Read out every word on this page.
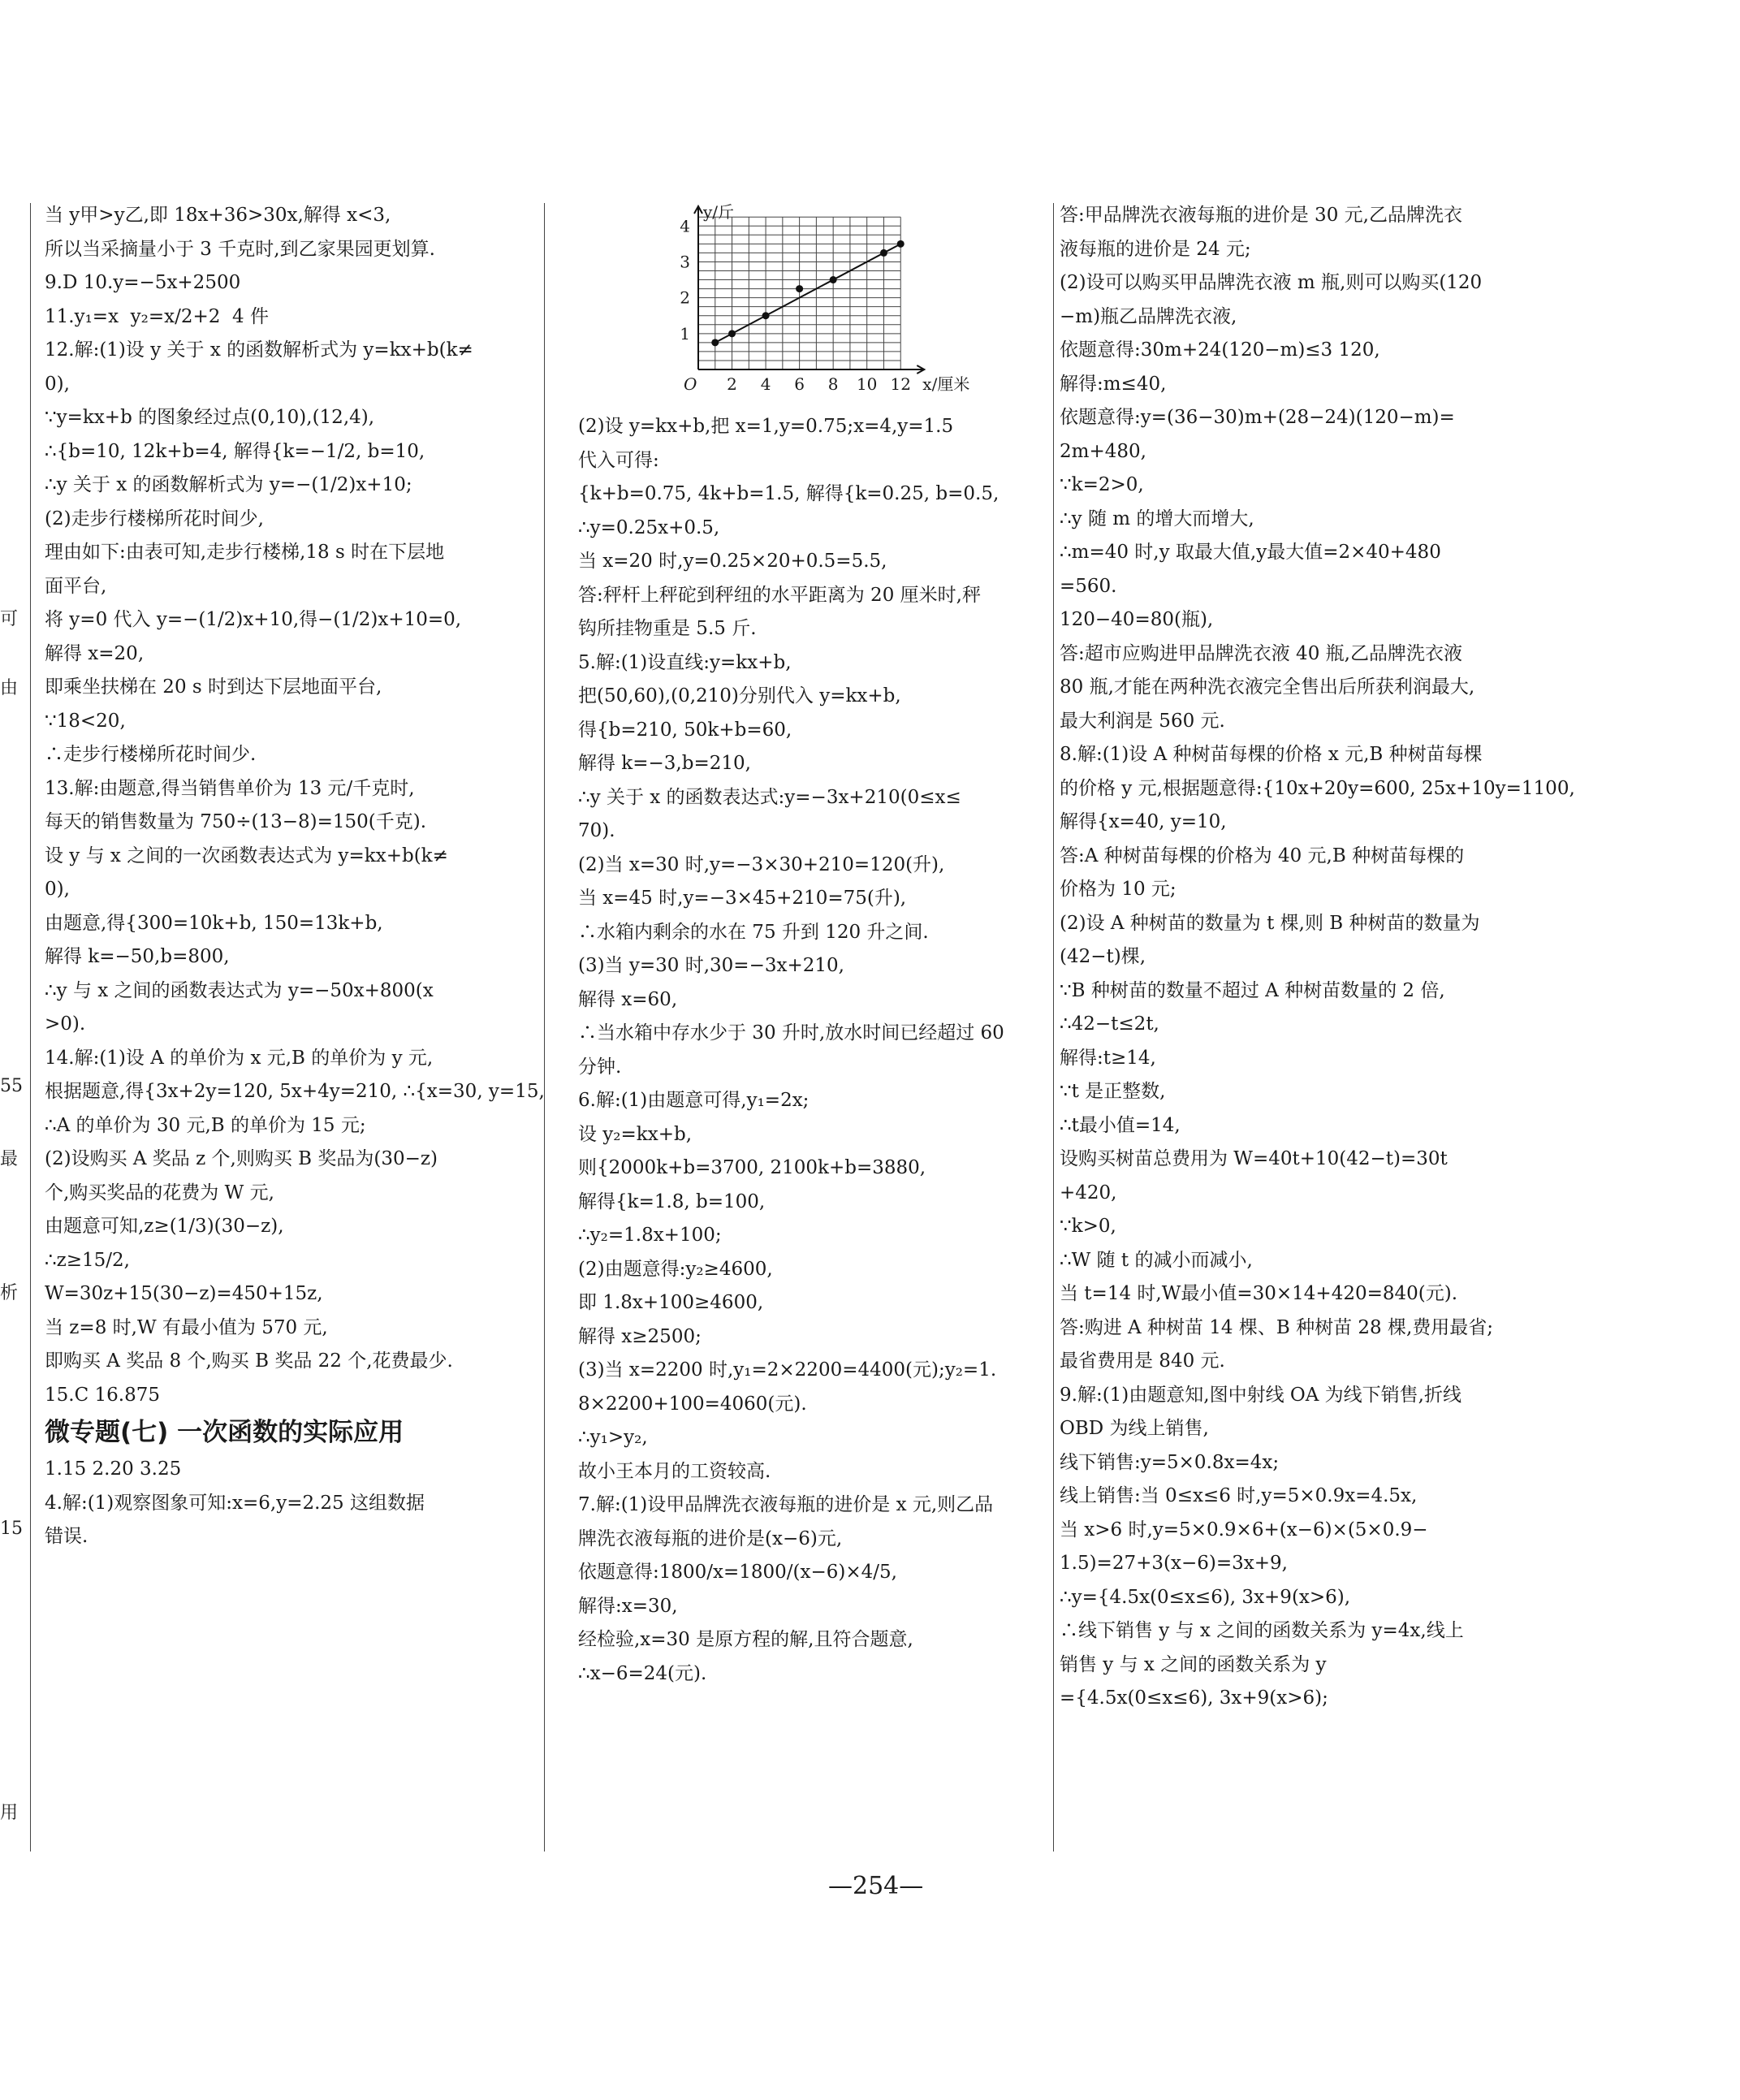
可
由
55
最
析
15
用
当 y甲>y乙,即 18x+36>30x,解得 x<3,
所以当采摘量小于 3 千克时,到乙家果园更划算.
9.D 10.y=−5x+2500
11.y₁=x  y₂=x/2+2  4 件
12.解:(1)设 y 关于 x 的函数解析式为 y=kx+b(k≠
0),
∵y=kx+b 的图象经过点(0,10),(12,4),
∴{b=10, 12k+b=4, 解得{k=−1/2, b=10,
∴y 关于 x 的函数解析式为 y=−(1/2)x+10;
(2)走步行楼梯所花时间少,
理由如下:由表可知,走步行楼梯,18 s 时在下层地
面平台,
将 y=0 代入 y=−(1/2)x+10,得−(1/2)x+10=0,
解得 x=20,
即乘坐扶梯在 20 s 时到达下层地面平台,
∵18<20,
∴走步行楼梯所花时间少.
13.解:由题意,得当销售单价为 13 元/千克时,
每天的销售数量为 750÷(13−8)=150(千克).
设 y 与 x 之间的一次函数表达式为 y=kx+b(k≠
0),
由题意,得{300=10k+b, 150=13k+b,
解得 k=−50,b=800,
∴y 与 x 之间的函数表达式为 y=−50x+800(x
>0).
14.解:(1)设 A 的单价为 x 元,B 的单价为 y 元,
根据题意,得{3x+2y=120, 5x+4y=210, ∴{x=30, y=15,
∴A 的单价为 30 元,B 的单价为 15 元;
(2)设购买 A 奖品 z 个,则购买 B 奖品为(30−z)
个,购买奖品的花费为 W 元,
由题意可知,z≥(1/3)(30−z),
∴z≥15/2,
W=30z+15(30−z)=450+15z,
当 z=8 时,W 有最小值为 570 元,
即购买 A 奖品 8 个,购买 B 奖品 22 个,花费最少.
15.C 16.875
微专题(七) 一次函数的实际应用
1.15 2.20 3.25
4.解:(1)观察图象可知:x=6,y=2.25 这组数据
错误.
2 4 6 8 10 12
1
2
3
4
O	x/厘米
y/斤
(2)设 y=kx+b,把 x=1,y=0.75;x=4,y=1.5
代入可得:
{k+b=0.75, 4k+b=1.5, 解得{k=0.25, b=0.5,
∴y=0.25x+0.5,
当 x=20 时,y=0.25×20+0.5=5.5,
答:秤杆上秤砣到秤纽的水平距离为 20 厘米时,秤
钩所挂物重是 5.5 斤.
5.解:(1)设直线:y=kx+b,
把(50,60),(0,210)分别代入 y=kx+b,
得{b=210, 50k+b=60,
解得 k=−3,b=210,
∴y 关于 x 的函数表达式:y=−3x+210(0≤x≤
70).
(2)当 x=30 时,y=−3×30+210=120(升),
当 x=45 时,y=−3×45+210=75(升),
∴水箱内剩余的水在 75 升到 120 升之间.
(3)当 y=30 时,30=−3x+210,
解得 x=60,
∴当水箱中存水少于 30 升时,放水时间已经超过 60
分钟.
6.解:(1)由题意可得,y₁=2x;
设 y₂=kx+b,
则{2000k+b=3700, 2100k+b=3880,
解得{k=1.8, b=100,
∴y₂=1.8x+100;
(2)由题意得:y₂≥4600,
即 1.8x+100≥4600,
解得 x≥2500;
(3)当 x=2200 时,y₁=2×2200=4400(元);y₂=1.
8×2200+100=4060(元).
∴y₁>y₂,
故小王本月的工资较高.
7.解:(1)设甲品牌洗衣液每瓶的进价是 x 元,则乙品
牌洗衣液每瓶的进价是(x−6)元,
依题意得:1800/x=1800/(x−6)×4/5,
解得:x=30,
经检验,x=30 是原方程的解,且符合题意,
∴x−6=24(元).
答:甲品牌洗衣液每瓶的进价是 30 元,乙品牌洗衣
液每瓶的进价是 24 元;
(2)设可以购买甲品牌洗衣液 m 瓶,则可以购买(120
−m)瓶乙品牌洗衣液,
依题意得:30m+24(120−m)≤3 120,
解得:m≤40,
依题意得:y=(36−30)m+(28−24)(120−m)=
2m+480,
∵k=2>0,
∴y 随 m 的增大而增大,
∴m=40 时,y 取最大值,y最大值=2×40+480
=560.
120−40=80(瓶),
答:超市应购进甲品牌洗衣液 40 瓶,乙品牌洗衣液
80 瓶,才能在两种洗衣液完全售出后所获利润最大,
最大利润是 560 元.
8.解:(1)设 A 种树苗每棵的价格 x 元,B 种树苗每棵
的价格 y 元,根据题意得:{10x+20y=600, 25x+10y=1100,
解得{x=40, y=10,
答:A 种树苗每棵的价格为 40 元,B 种树苗每棵的
价格为 10 元;
(2)设 A 种树苗的数量为 t 棵,则 B 种树苗的数量为
(42−t)棵,
∵B 种树苗的数量不超过 A 种树苗数量的 2 倍,
∴42−t≤2t,
解得:t≥14,
∵t 是正整数,
∴t最小值=14,
设购买树苗总费用为 W=40t+10(42−t)=30t
+420,
∵k>0,
∴W 随 t 的减小而减小,
当 t=14 时,W最小值=30×14+420=840(元).
答:购进 A 种树苗 14 棵、B 种树苗 28 棵,费用最省;
最省费用是 840 元.
9.解:(1)由题意知,图中射线 OA 为线下销售,折线
OBD 为线上销售,
线下销售:y=5×0.8x=4x;
线上销售:当 0≤x≤6 时,y=5×0.9x=4.5x,
当 x>6 时,y=5×0.9×6+(x−6)×(5×0.9−
1.5)=27+3(x−6)=3x+9,
∴y={4.5x(0≤x≤6), 3x+9(x>6),
∴线下销售 y 与 x 之间的函数关系为 y=4x,线上
销售 y 与 x 之间的函数关系为 y
={4.5x(0≤x≤6), 3x+9(x>6);
—254—
